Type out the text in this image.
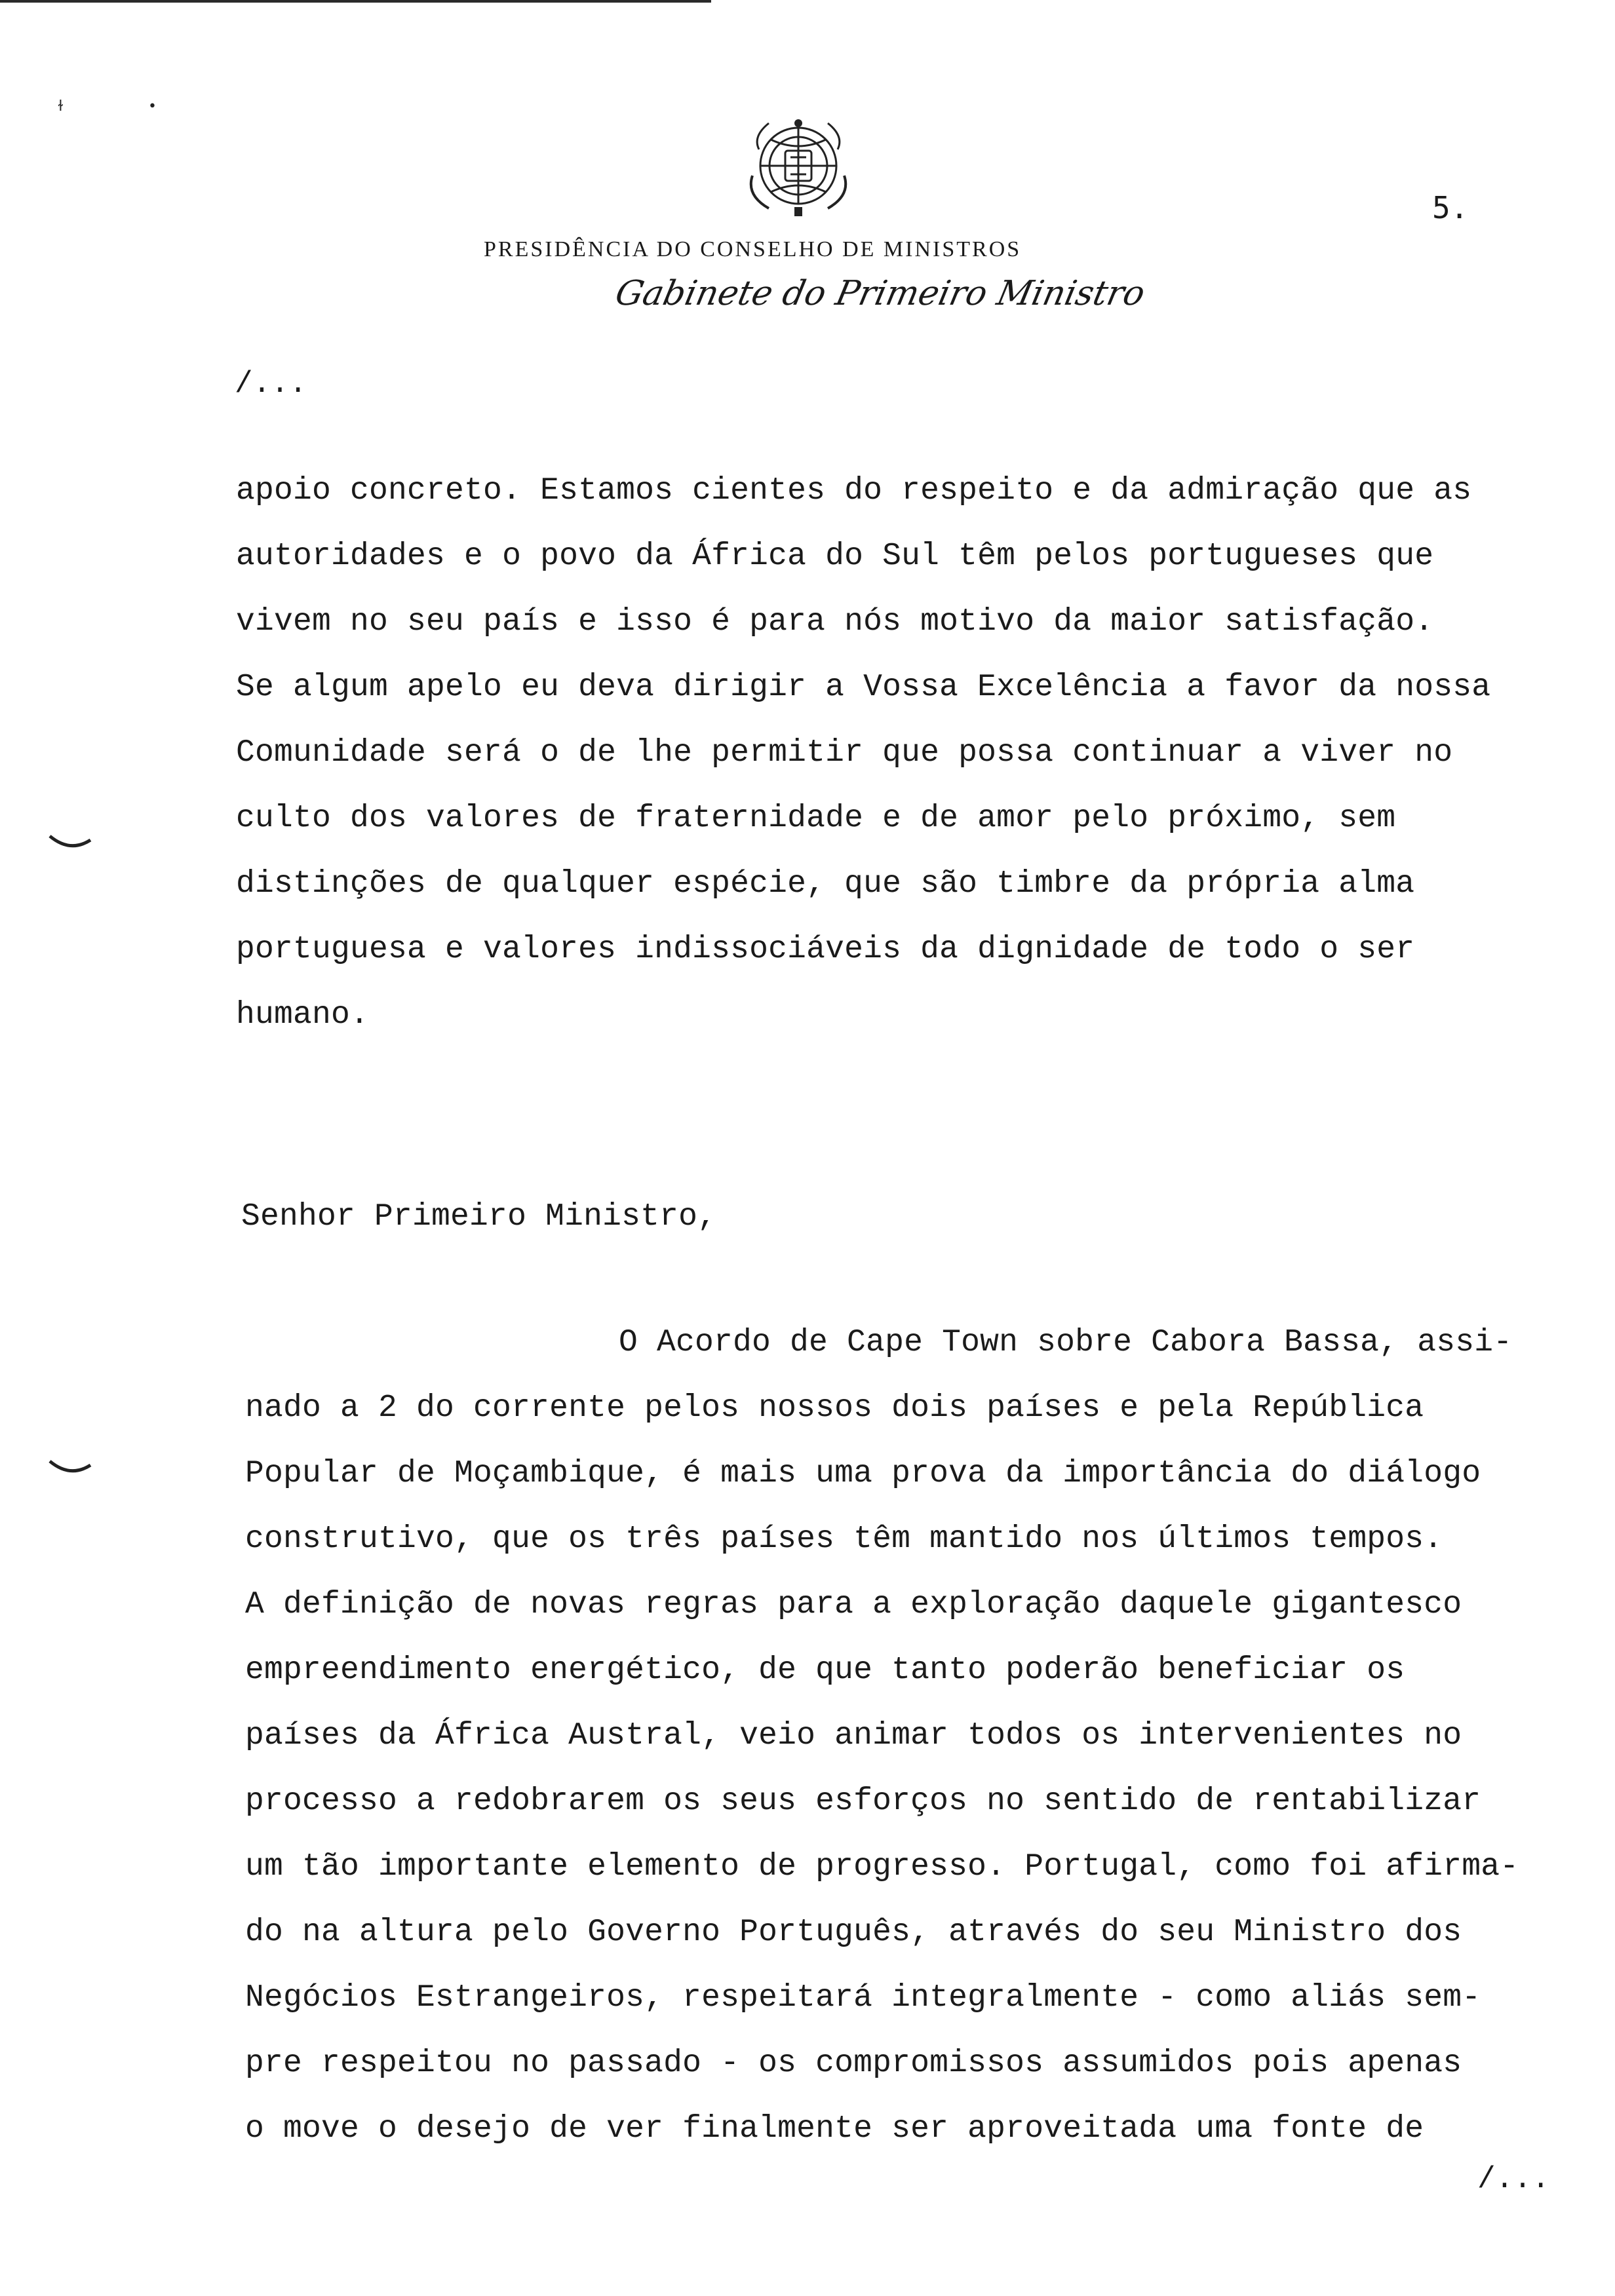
ɫ	•
5.
PRESIDÊNCIA DO CONSELHO DE MINISTROS
Gabinete do Primeiro Ministro
/...
apoio concreto. Estamos cientes do respeito e da admiração que as
autoridades e o povo da África do Sul têm pelos portugueses que
vivem no seu país e isso é para nós motivo da maior satisfação.
Se algum apelo eu deva dirigir a Vossa Excelência a favor da nossa
Comunidade será o de lhe permitir que possa continuar a viver no
culto dos valores de fraternidade e de amor pelo próximo, sem
distinções de qualquer espécie, que são timbre da própria alma
portuguesa e valores indissociáveis da dignidade de todo o ser
humano.
Senhor Primeiro Ministro,
O Acordo de Cape Town sobre Cabora Bassa, assi-
nado a 2 do corrente pelos nossos dois países e pela República
Popular de Moçambique, é mais uma prova da importância do diálogo
construtivo, que os três países têm mantido nos últimos tempos.
A definição de novas regras para a exploração daquele gigantesco
empreendimento energético, de que tanto poderão beneficiar os
países da África Austral, veio animar todos os intervenientes no
processo a redobrarem os seus esforços no sentido de rentabilizar
um tão importante elemento de progresso. Portugal, como foi afirma-
do na altura pelo Governo Português, através do seu Ministro dos
Negócios Estrangeiros, respeitará integralmente - como aliás sem-
pre respeitou no passado - os compromissos assumidos pois apenas
o move o desejo de ver finalmente ser aproveitada uma fonte de
/...
